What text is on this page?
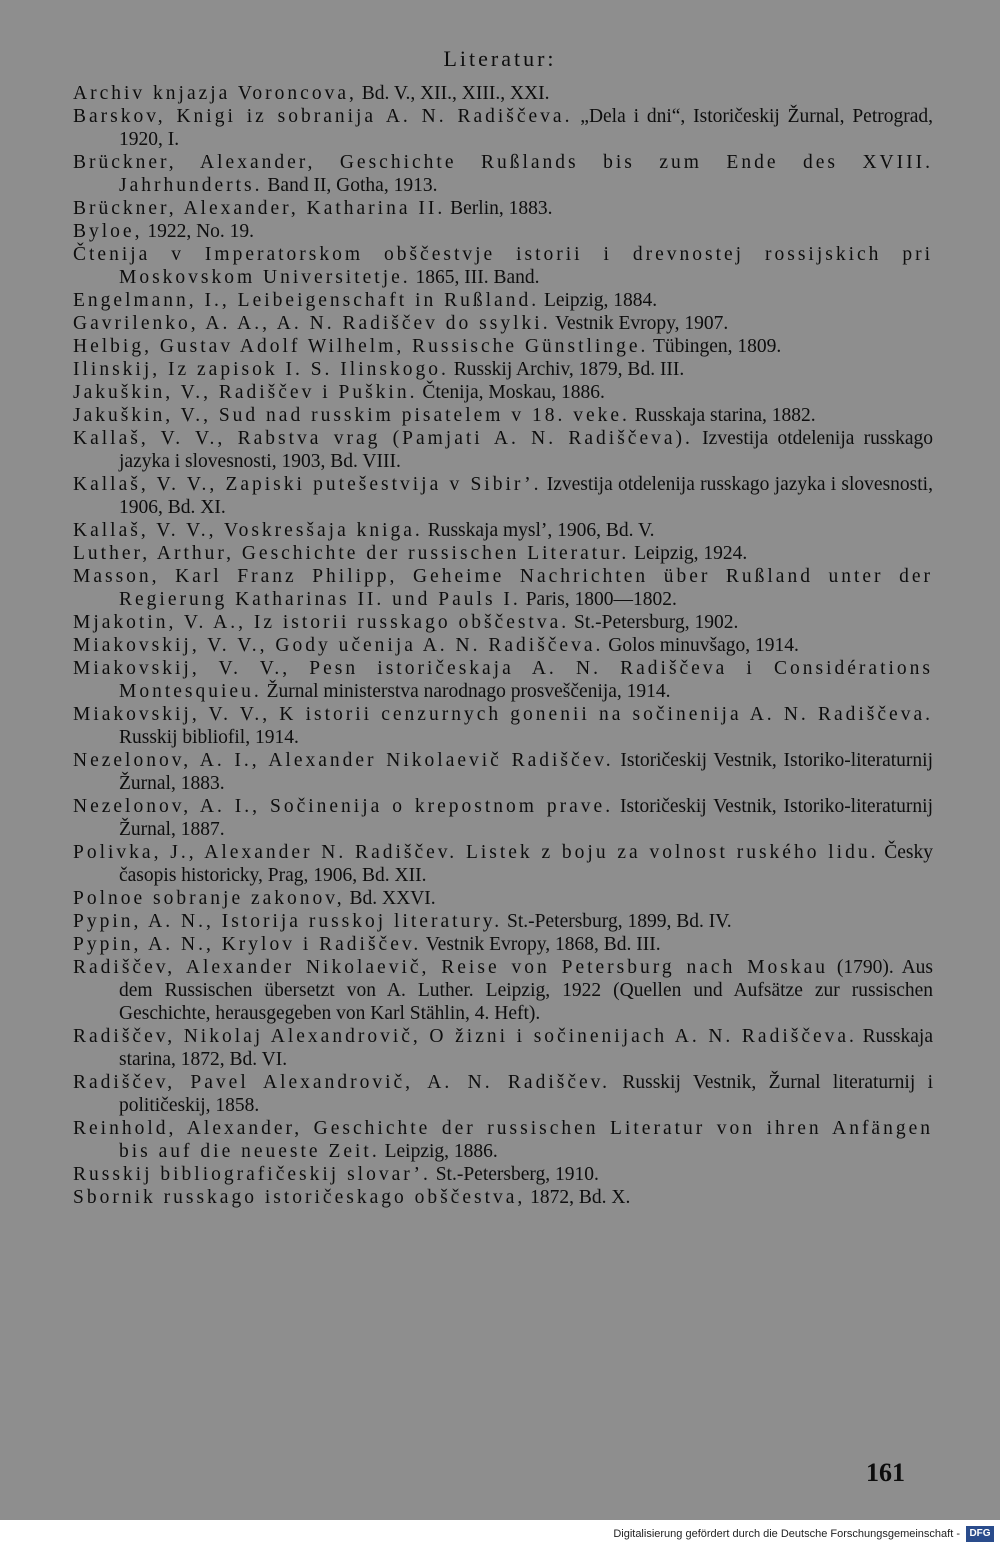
Literatur:
Archiv knjazja Voroncova, Bd. V., XII., XIII., XXI.
Barskov, Knigi iz sobranija A. N. Radiščeva. „Dela i dni“, Istoričeskij Žurnal, Petrograd, 1920, I.
Brückner, Alexander, Geschichte Rußlands bis zum Ende des XVIII. Jahrhunderts. Band II, Gotha, 1913.
Brückner, Alexander, Katharina II. Berlin, 1883.
Byloe, 1922, No. 19.
Čtenija v Imperatorskom obščestvje istorii i drevnostej rossijskich pri Moskovskom Universitetje. 1865, III. Band.
Engelmann, I., Leibeigenschaft in Rußland. Leipzig, 1884.
Gavrilenko, A. A., A. N. Radiščev do ssylki. Vestnik Evropy, 1907.
Helbig, Gustav Adolf Wilhelm, Russische Günstlinge. Tübingen, 1809.
Ilinskij, Iz zapisok I. S. Ilinskogo. Russkij Archiv, 1879, Bd. III.
Jakuškin, V., Radiščev i Puškin. Čtenija, Moskau, 1886.
Jakuškin, V., Sud nad russkim pisatelem v 18. veke. Russkaja starina, 1882.
Kallaš, V. V., Rabstva vrag (Pamjati A. N. Radiščeva). Izvestija otdelenija russkago jazyka i slovesnosti, 1903, Bd. VIII.
Kallaš, V. V., Zapiski putešestvija v Sibir’. Izvestija otdelenija russkago jazyka i slovesnosti, 1906, Bd. XI.
Kallaš, V. V., Voskresšaja kniga. Russkaja mysl’, 1906, Bd. V.
Luther, Arthur, Geschichte der russischen Literatur. Leipzig, 1924.
Masson, Karl Franz Philipp, Geheime Nachrichten über Rußland unter der Regierung Katharinas II. und Pauls I. Paris, 1800—1802.
Mjakotin, V. A., Iz istorii russkago obščestva. St.-Petersburg, 1902.
Miakovskij, V. V., Gody učenija A. N. Radiščeva. Golos minuvšago, 1914.
Miakovskij, V. V., Pesn istoričeskaja A. N. Radiščeva i Considérations Montesquieu. Žurnal ministerstva narodnago prosveščenija, 1914.
Miakovskij, V. V., K istorii cenzurnych gonenii na sočinenija A. N. Radiščeva. Russkij bibliofil, 1914.
Nezelonov, A. I., Alexander Nikolaevič Radiščev. Istoričeskij Vestnik, Istoriko-literaturnij Žurnal, 1883.
Nezelonov, A. I., Sočinenija o krepostnom prave. Istoričeskij Vestnik, Istoriko-literaturnij Žurnal, 1887.
Polivka, J., Alexander N. Radiščev. Listek z boju za volnost ruského lidu. Česky časopis historicky, Prag, 1906, Bd. XII.
Polnoe sobranje zakonov, Bd. XXVI.
Pypin, A. N., Istorija russkoj literatury. St.-Petersburg, 1899, Bd. IV.
Pypin, A. N., Krylov i Radiščev. Vestnik Evropy, 1868, Bd. III.
Radiščev, Alexander Nikolaevič, Reise von Petersburg nach Moskau (1790). Aus dem Russischen übersetzt von A. Luther. Leipzig, 1922 (Quellen und Aufsätze zur russischen Geschichte, herausgegeben von Karl Stählin, 4. Heft).
Radiščev, Nikolaj Alexandrovič, O žizni i sočinenijach A. N. Radiščeva. Russkaja starina, 1872, Bd. VI.
Radiščev, Pavel Alexandrovič, A. N. Radiščev. Russkij Vestnik, Žurnal literaturnij i političeskij, 1858.
Reinhold, Alexander, Geschichte der russischen Literatur von ihren Anfängen bis auf die neueste Zeit. Leipzig, 1886.
Russkij bibliografičeskij slovar’. St.-Petersberg, 1910.
Sbornik russkago istoričeskago obščestva, 1872, Bd. X.
161
Digitalisierung gefördert durch die Deutsche Forschungsgemeinschaft - DFG
